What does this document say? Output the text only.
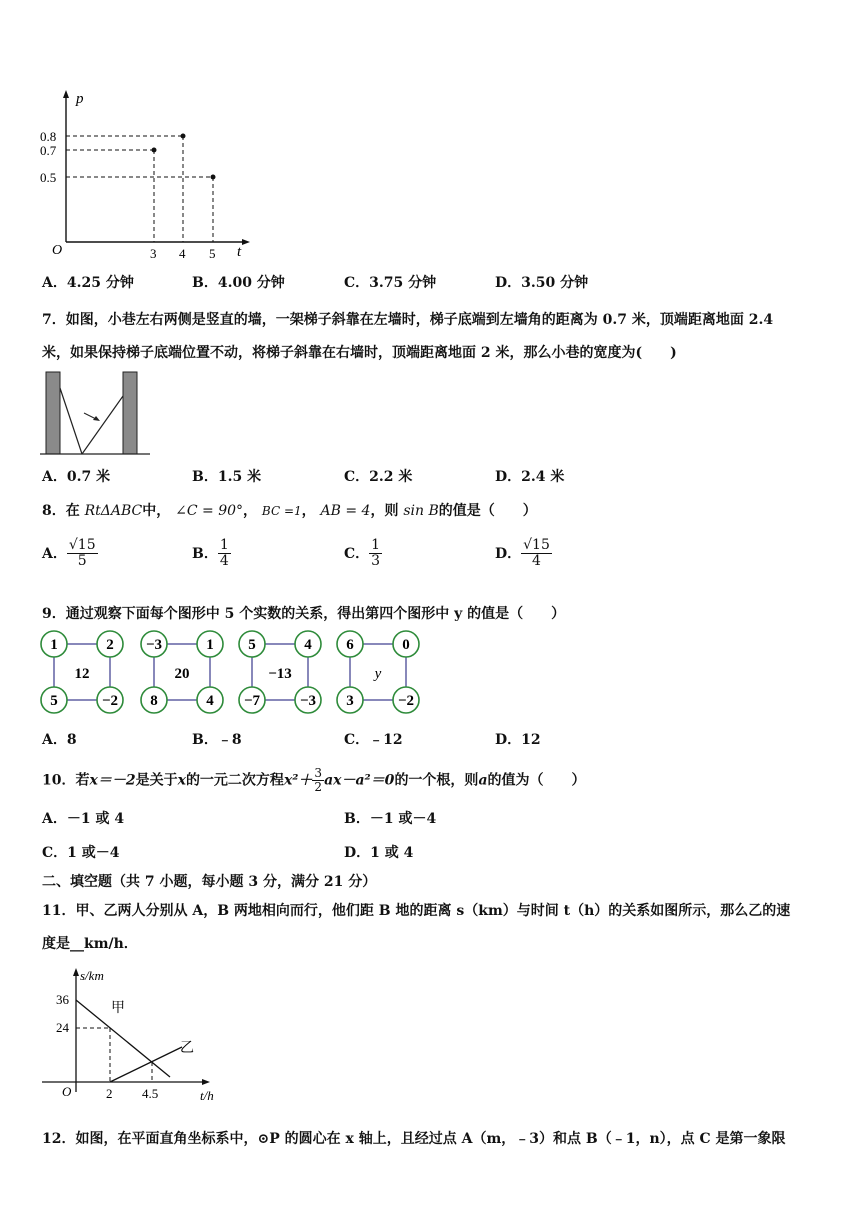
p
t
O
0.8
0.7
0.5
3 4 5
A．4.25 分钟	B．4.00 分钟	C．3.75 分钟	D．3.50 分钟
7．如图，小巷左右两侧是竖直的墙，一架梯子斜靠在左墙时，梯子底端到左墙角的距离为 0.7 米，顶端距离地面 2.4
米，如果保持梯子底端位置不动，将梯子斜靠在右墙时，顶端距离地面 2 米，那么小巷的宽度为(　　)
A．0.7 米	B．1.5 米	C．2.2 米	D．2.4 米
8．在 RtΔABC中， ∠C = 90°， BC =1， AB = 4，则 sin B的值是（　　）
A． $\frac{√15}{5}$	B． $\frac{1}{4}$	C． $\frac{1}{3}$	D． $\frac{√15}{4}$
9．通过观察下面每个图形中 5 个实数的关系，得出第四个图形中 y 的值是（　　）
1	2
5	−2
12
−3	1
8	4
20
5	4
−7	−3
−13
6	0
3	−2
y
A．8	B．﹣8	C．﹣12	D．12
10．若x＝－2是关于x的一元二次方程$x^2+ \frac{3}{2} ax-a^2=0$的一个根，则a的值为（　　）
A．－1 或 4	B．－1 或－4
C．1 或－4	D．1 或 4
二、填空题（共 7 小题，每小题 3 分，满分 21 分）
11．甲、乙两人分别从 A，B 两地相向而行，他们距 B 地的距离 s（km）与时间 t（h）的关系如图所示，那么乙的速
度是__km/h．
s/km
t/h
O
36
24
2 4.5
甲
乙
12．如图，在平面直角坐标系中，⊙P 的圆心在 x 轴上，且经过点 A（m，﹣3）和点 B（﹣1，n），点 C 是第一象限
